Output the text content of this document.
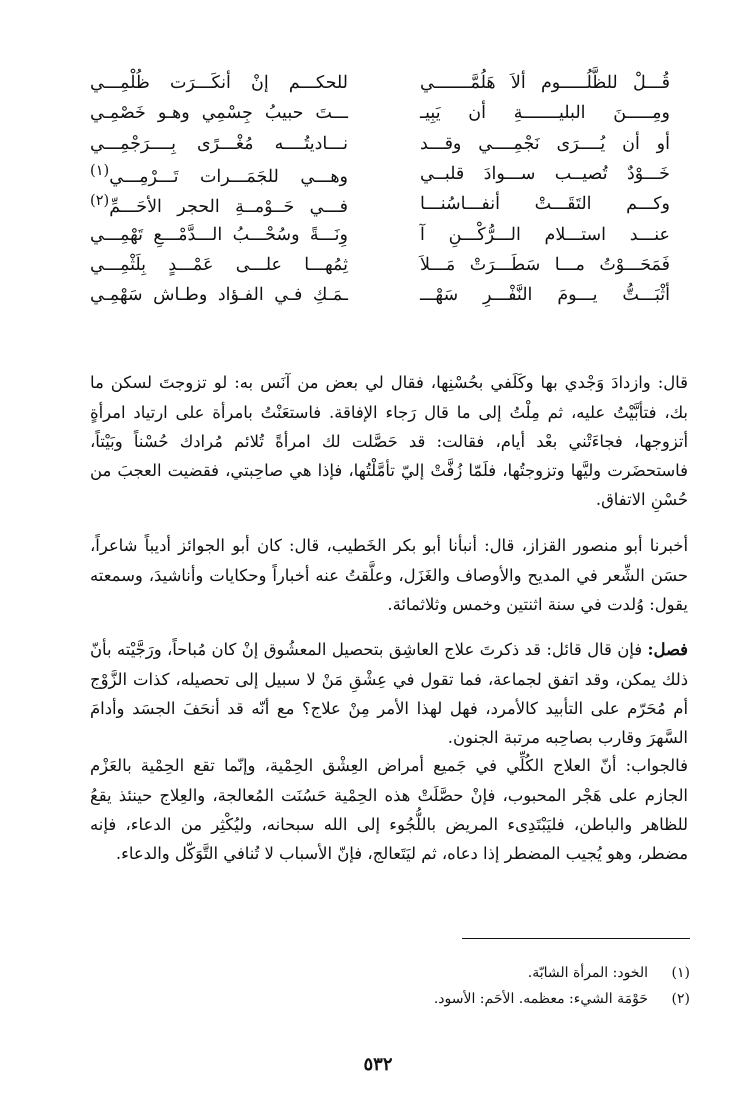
قُـــلْ للظَّلُـــــوم ألاَ هَلُمَّـــــــي
للحكـــم إنْ أنكَـــرَت ظُلْمِـــي
ومِـــــنَ البليـــــــةِ أن يَبِيـ
ـــتَ حبيبُ جِسْمِي وهـو خَصْمِـي
أو أن يُــــرَى نَجْمِــــي وقـــد
نـــاديتُــــه مُغْـــرًى بِــــرَجْمِـــي
خَـــوْدٌ تُصيــب ســـوادَ قلبــي
وهـــي للجَمَـــرات تَـــرْمِـــي$^{(١)}$
وكـــم التَقَـــتْ أنفـــاسُنـــا
فـــي حَــوْمــةِ الحجر الأحَـــمِّ$^{(٢)}$
عنـــد استـــلام الـــرُّكْـــنِ آ
وِنَـــةً وسُحْـــبُ الـــدَّمْـــعِ تَهْمِـــي
فَمَحَـــوْتُ مـــا سَطَـــرَتْ مَـــلاَ
ثِمُهـــا علـــى عَمْـــدٍ بِلَثْمِـــي
أثْبَـــتُّ يـــومَ النَّفْـــرِ سَهْـــ
ـمَـكِ فـي الفـؤاد وطـاش سَهْمِـي

قال: وازدادَ وَجْدي بها وكَلَفي بحُسْنِها، فقال لي بعض من آنَس به: لو تزوجتَ لسكن ما بك، فتأبَّيْتُ عليه، ثم مِلْتُ إلى ما قال رَجاء الإفاقة. فاستعَنْتُ بامرأة على ارتياد امرأةٍ أتزوجها، فجاءَتْني بعْد أيام، فقالت: قد حَصَّلت لك امرأةً تُلائم مُرادك حُسْناً وبَيْتاً، فاستحضَرت وليَّها وتزوجتُها، فلَمّا زُفَّتْ إليّ تأمَّلْتُها، فإذا هي صاحِبتي، فقضيت العجبَ من حُسْنِ الاتفاق.

أخبرنا أبو منصور القزاز، قال: أنبأنا أبو بكر الخَطيب، قال: كان أبو الجوائز أديباً شاعراً، حسَن الشِّعر في المديح والأوصاف والغَزَل، وعلَّقتُ عنه أخباراً وحكايات وأناشيدَ، وسمعته يقول: وُلدت في سنة اثنتين وخمس وثلاثمائة.

فصل: فإن قال قائل: قد ذكرتَ علاج العاشِق بتحصيل المعشُوق إنْ كان مُباحاً، ورَجَّيْته بأنّ ذلك يمكن، وقد اتفق لجماعة، فما تقول في عِشْقِ مَنْ لا سبيل إلى تحصيله، كذات الزَّوْج أم مُحَرّم على التأبيد كالأمرد، فهل لهذا الأمر مِنْ علاج؟ مع أنّه قد أنحَفَ الجسَد وأدامَ السَّهرَ وقارب بصاحِبه مرتبة الجنون.

فالجواب: أنّ العلاج الكُلِّي في جَميع أمراض العِشْق الحِمْية، وإنّما تقع الحِمْية بالعَزْم الجازم على هَجْر المحبوب، فإنْ حصَّلَتْ هذه الحِمْية حَسُنَت المُعالجة، والعِلاج حينئذ يقعُ للظاهر والباطن، فليَبْتَدِىء المريض باللُّجُوء إلى الله سبحانه، وليُكْثِر من الدعاء، فإنه مضطر، وهو يُجيب المضطر إذا دعاه، ثم ليَتَعالج، فإنّ الأسباب لا تُنافي التَّوَكّل والدعاء.

(١)
الخود: المرأة الشابّة.
(٢)
حَوْمَة الشيء: معظمه. الأحَم: الأسود.
٥٣٢
